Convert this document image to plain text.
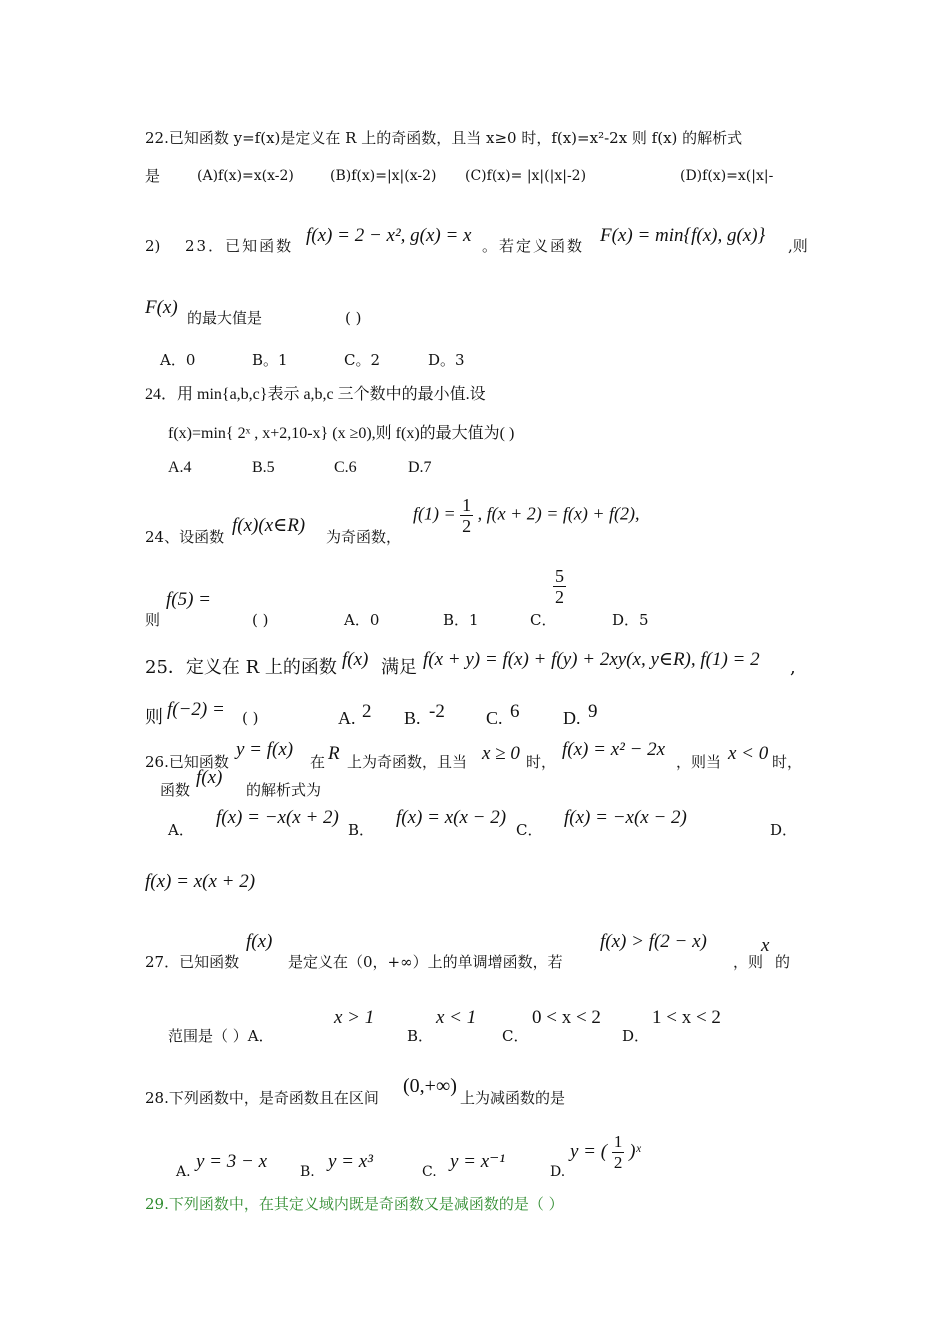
22.已知函数 y=f(x)是定义在 R 上的奇函数，且当 x≥0 时，f(x)=x²-2x 则 f(x) 的解析式
是	(A)f(x)=x(x-2)	(B)f(x)=|x|(x-2) (C)f(x)= |x|(|x|-2)	(D)f(x)=x(|x|-
2) 23．已知函数 f(x) = 2 − x², g(x) = x 。若定义函数 F(x) = min{f(x), g(x)} ,则
F(x) 的最大值是	( )
A．0	B。1	C。2	D。3
24．用 min{a,b,c}表示 a,b,c 三个数中的最小值.设
f(x)=min{ 2ˣ , x+2,10-x} (x ≥0),则 f(x)的最大值为( )
A.4	B.5	C.6	D.7
24、设函数
f(x)(x∈R)
为奇函数，
$f(1) = \frac{1}{2}$ , f(x + 2) = f(x) + f(2),
f(5) =
则	( )	A．0	B．1	C．
$\frac{5}{2}$
D．5
25．定义在 R 上的函数 f(x) 满足 f(x + y) = f(x) + f(y) + 2xy(x, y∈R), f(1) = 2 ,
则 f(−2) = ( )	A. 2 B. -2 C. 6 D. 9
26.已知函数
y = f(x)
在 R 上为奇函数，且当 x ≥ 0 时，
f(x) = x² − 2x
，则当 x < 0 时，
函数
f(x)
的解析式为
A．
f(x) = −x(x + 2)
B．
f(x) = x(x − 2)
C．
f(x) = −x(x − 2)
D．
f(x) = x(x + 2)
27．已知函数
f(x)
是定义在（0，+∞）上的单调增函数，若
f(x) > f(2 − x)
，则
x
的
范围是（ ）A．
x > 1
B．
x < 1
C．
0 < x < 2
D．
1 < x < 2
28.下列函数中，是奇函数且在区间
(0,+∞)
上为减函数的是
A. y = 3 − x B. y = x³	C. y = x⁻¹	D.
y = ( $\frac{1}{2}$ )ˣ
29.下列函数中，在其定义域内既是奇函数又是减函数的是（ ）
